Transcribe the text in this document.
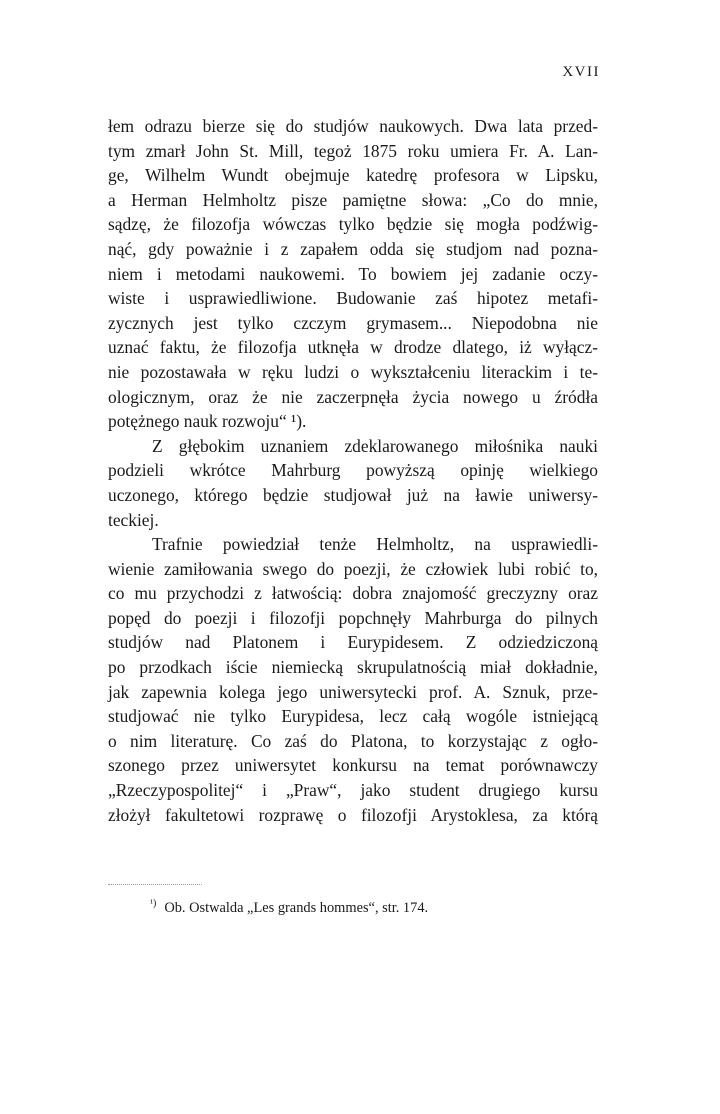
XVII
łem odrazu bierze się do studjów naukowych. Dwa lata przed-
tym zmarł John St. Mill, tegoż 1875 roku umiera Fr. A. Lan-
ge, Wilhelm Wundt obejmuje katedrę profesora w Lipsku,
a Herman Helmholtz pisze pamiętne słowa: „Co do mnie,
sądzę, że filozofja wówczas tylko będzie się mogła podźwig-
nąć, gdy poważnie i z zapałem odda się studjom nad pozna-
niem i metodami naukowemi. To bowiem jej zadanie oczy-
wiste i usprawiedliwione. Budowanie zaś hipotez metafi-
zycznych jest tylko czczym grymasem... Niepodobna nie
uznać faktu, że filozofja utknęła w drodze dlatego, iż wyłącz-
nie pozostawała w ręku ludzi o wykształceniu literackim i te-
ologicznym, oraz że nie zaczerpnęła życia nowego u źródła
potężnego nauk rozwoju“ ¹).
Z głębokim uznaniem zdeklarowanego miłośnika nauki
podzieli wkrótce Mahrburg powyższą opinję wielkiego
uczonego, którego będzie studjował już na ławie uniwersy-
teckiej.
Trafnie powiedział tenże Helmholtz, na usprawiedli-
wienie zamiłowania swego do poezji, że człowiek lubi robić to,
co mu przychodzi z łatwością: dobra znajomość greczyzny oraz
popęd do poezji i filozofji popchnęły Mahrburga do pilnych
studjów nad Platonem i Eurypidesem. Z odziedziczoną
po przodkach iście niemiecką skrupulatnością miał dokładnie,
jak zapewnia kolega jego uniwersytecki prof. A. Sznuk, prze-
studjować nie tylko Eurypidesa, lecz całą wogóle istniejącą
o nim literaturę. Co zaś do Platona, to korzystając z ogło-
szonego przez uniwersytet konkursu na temat porównawczy
„Rzeczypospolitej“ i „Praw“, jako student drugiego kursu
złożył fakultetowi rozprawę o filozofji Arystoklesa, za którą
$^{^1)}$ Ob. Ostwalda „Les grands hommes“, str. 174.
